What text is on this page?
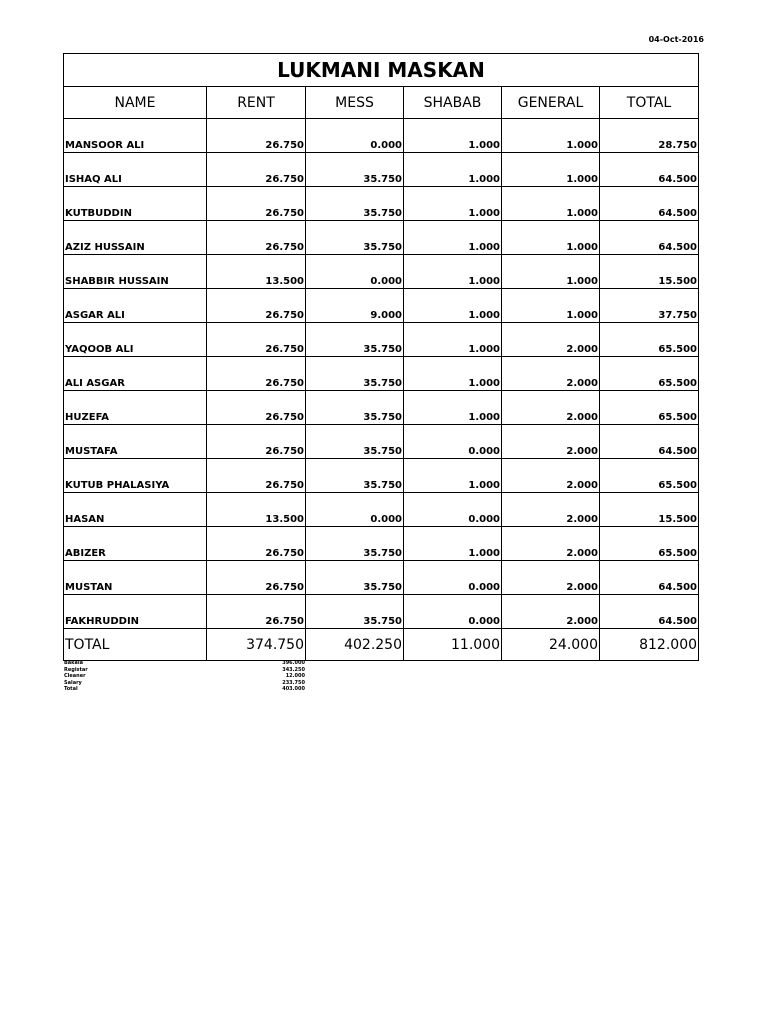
04-Oct-2016
LUKMANI MASKAN					
NAME	RENT	MESS	SHABAB	GENERAL	TOTAL
MANSOOR ALI	26.750	0.000	1.000	1.000	28.750
ISHAQ ALI	26.750	35.750	1.000	1.000	64.500
KUTBUDDIN	26.750	35.750	1.000	1.000	64.500
AZIZ HUSSAIN	26.750	35.750	1.000	1.000	64.500
SHABBIR HUSSAIN	13.500	0.000	1.000	1.000	15.500
ASGAR ALI	26.750	9.000	1.000	1.000	37.750
YAQOOB ALI	26.750	35.750	1.000	2.000	65.500
ALI ASGAR	26.750	35.750	1.000	2.000	65.500
HUZEFA	26.750	35.750	1.000	2.000	65.500
MUSTAFA	26.750	35.750	0.000	2.000	64.500
KUTUB PHALASIYA	26.750	35.750	1.000	2.000	65.500
HASAN	13.500	0.000	0.000	2.000	15.500
ABIZER	26.750	35.750	1.000	2.000	65.500
MUSTAN	26.750	35.750	0.000	2.000	64.500
FAKHRUDDIN	26.750	35.750	0.000	2.000	64.500
TOTAL	374.750	402.250	11.000	24.000	812.000
Bakala	396.000
Registar	343.250
Cleaner	12.000
Salary	233.750
Total	403.000
